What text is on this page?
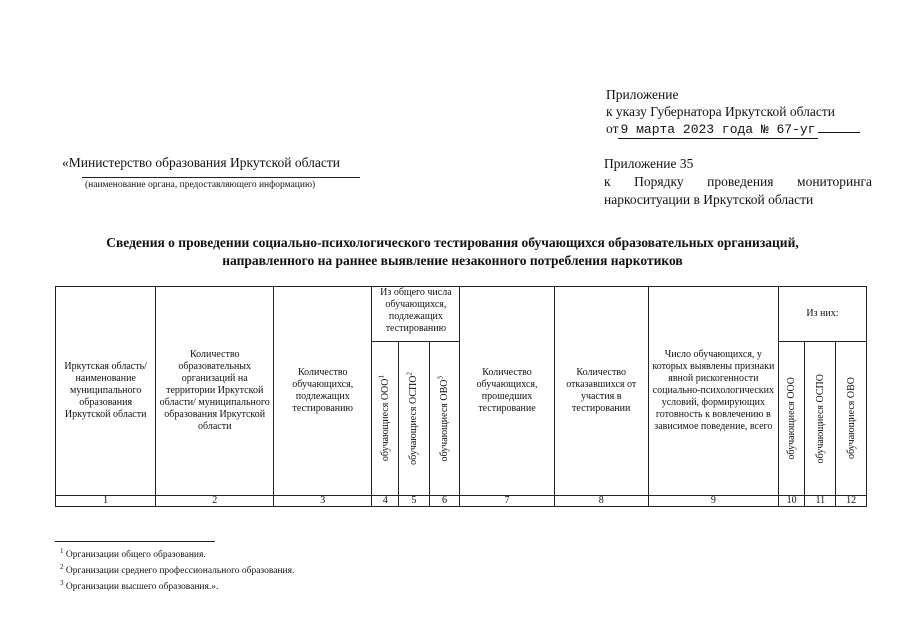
Приложение
к указу Губернатора Иркутской области
от 9 марта 2023 года № 67-уг
Приложение 35
к Порядку проведения мониторинга
наркоситуации в Иркутской области
«Министерство образования Иркутской области
(наименование органа, предоставляющего информацию)
Сведения о проведении социально-психологического тестирования обучающихся образовательных организаций,
направленного на раннее выявление незаконного потребления наркотиков
Иркутская область/ наименование муниципального образования Иркутской области	Количество образовательных организаций на территории Иркутской области/ муниципального образования Иркутской области	Количество обучающихся, подлежащих тестированию	Из общего числа обучающихся, подлежащих тестированию			Количество обучающихся, прошедших тестирование	Количество отказавшихся от участия в тестировании	Число обучающихся, у которых выявлены признаки явной рискогенности социально-психологических условий, формирующих готовность к вовлечению в зависимое поведение, всего	Из них:		

			обучающиеся ООО$^1$	обучающиеся ОСПО$^2$	обучающиеся ОВО$^3$				обучающиеся ООО	обучающиеся ОСПО	обучающиеся ОВО

1	2	3	4	5	6	7	8	9	10	11	12
$^1$ Организации общего образования.
$^2$ Организации среднего профессионального образования.
$^3$ Организации высшего образования.».
